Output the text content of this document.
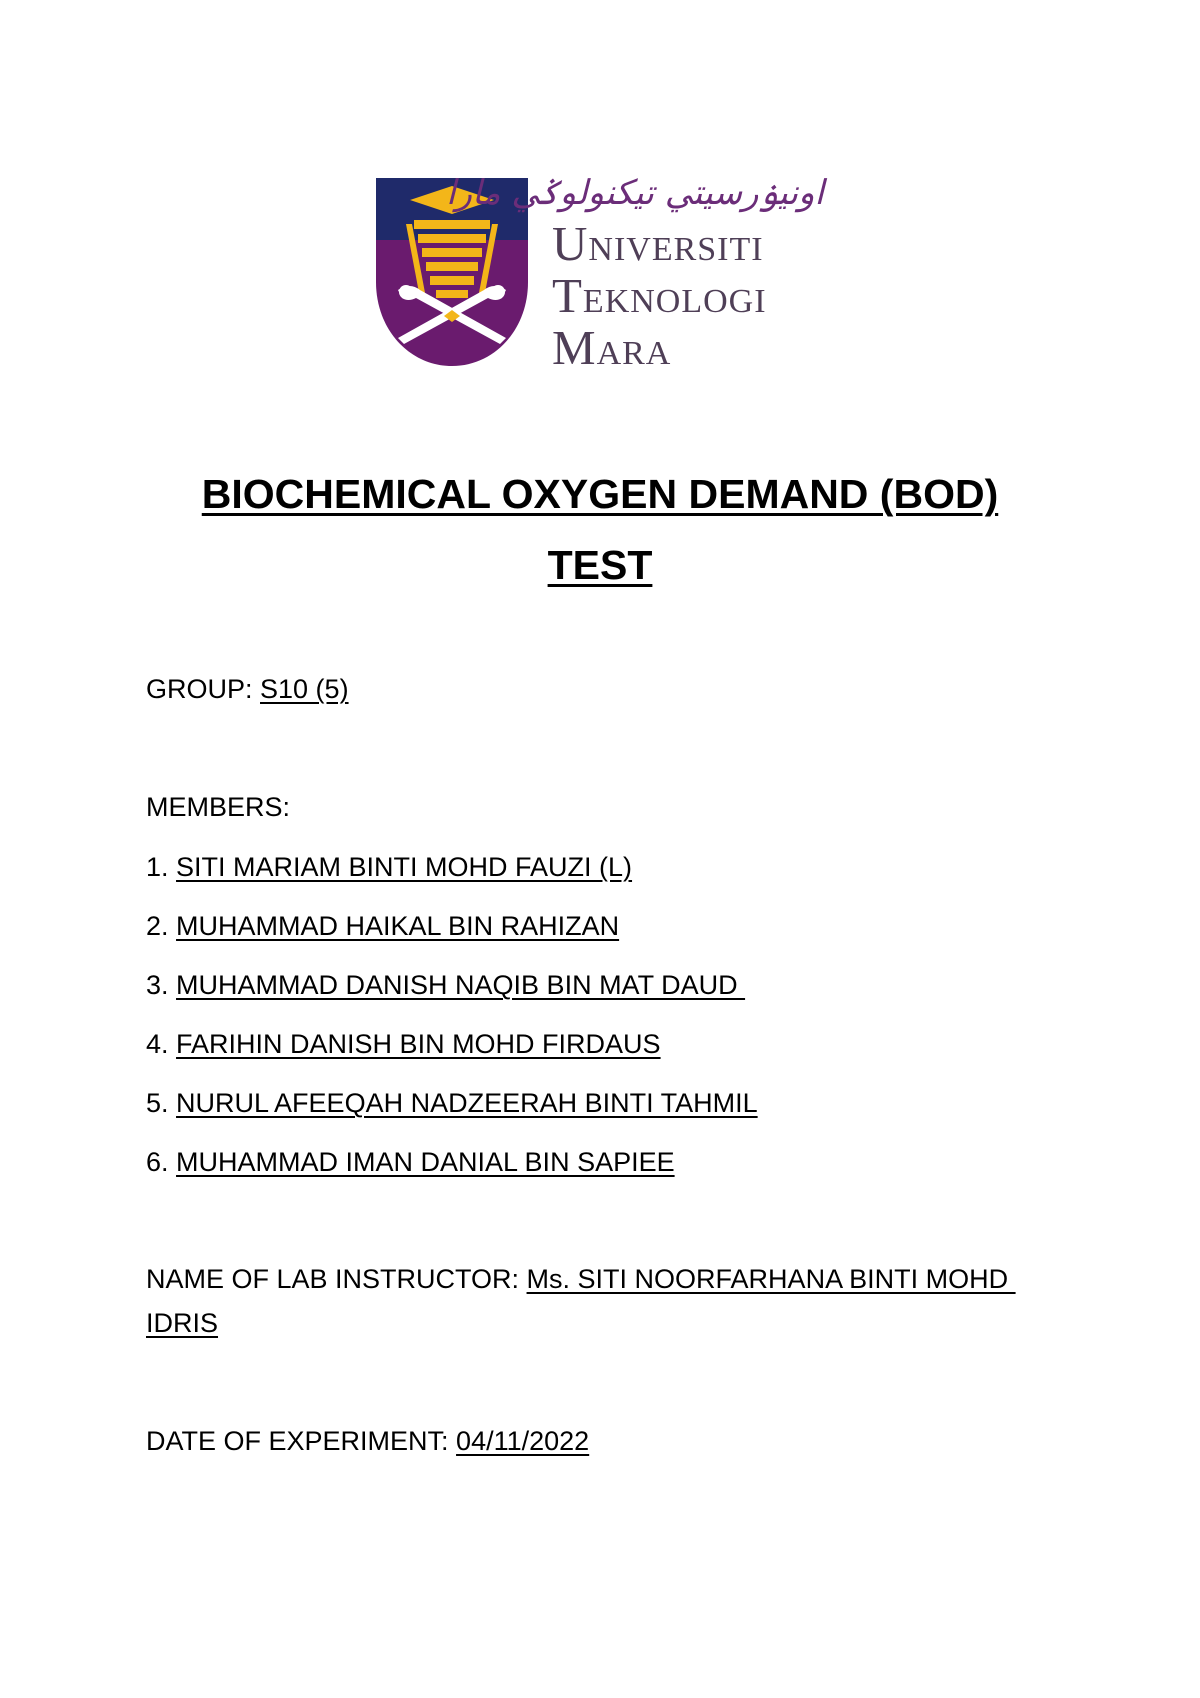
اونيۏرسيتي تيکنولوݢي مارا
Universiti
Teknologi
Mara
BIOCHEMICAL OXYGEN DEMAND (BOD)
TEST
GROUP: S10 (5)
MEMBERS:
1. SITI MARIAM BINTI MOHD FAUZI (L)
2. MUHAMMAD HAIKAL BIN RAHIZAN
3. MUHAMMAD DANISH NAQIB BIN MAT DAUD
4. FARIHIN DANISH BIN MOHD FIRDAUS
5. NURUL AFEEQAH NADZEERAH BINTI TAHMIL
6. MUHAMMAD IMAN DANIAL BIN SAPIEE
NAME OF LAB INSTRUCTOR: Ms. SITI NOORFARHANA BINTI MOHD
IDRIS
DATE OF EXPERIMENT: 04/11/2022
